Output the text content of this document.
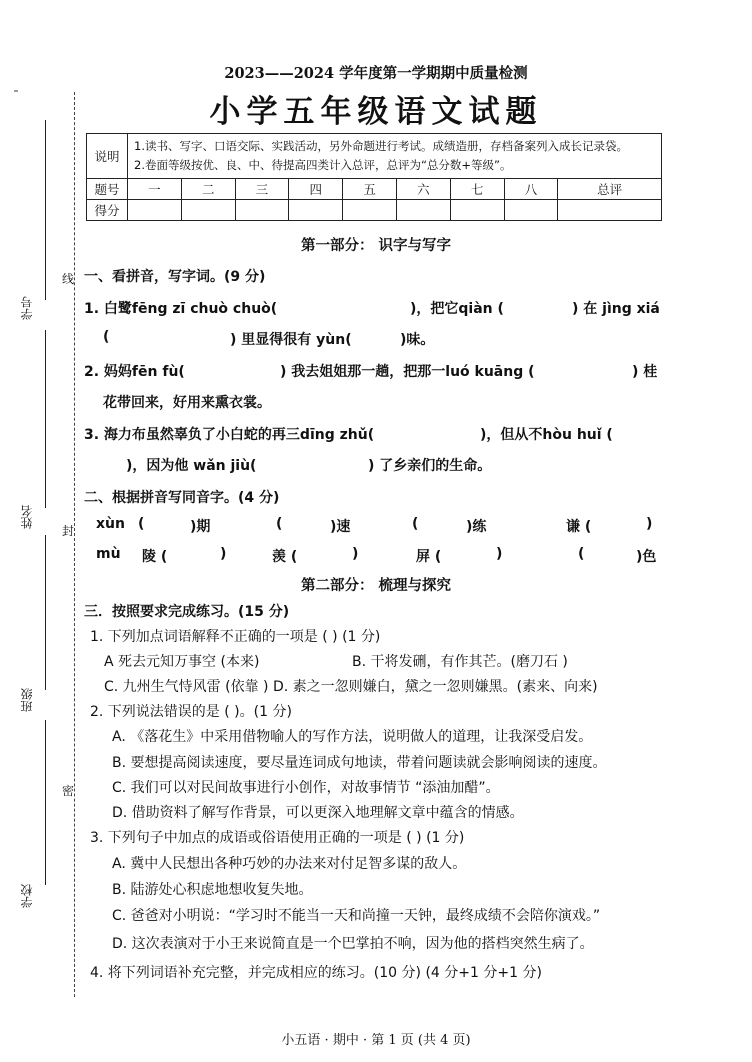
学号
姓名
班级
学校
线
封
密
2023——2024 学年度第一学期期中质量检测
小学五年级语文试题
说明	1.读书、写字、口语交际、实践活动，另外命题进行考试。成绩造册，存档备案列入成长记录袋。
2.卷面等级按优、良、中、待提高四类计入总评，总评为“总分数+等级”。								

题号	一	二	三	四	五	六	七	八	总评
得分									
第一部分： 识字与写字
一、看拼音，写字词。(9 分)
1. 白鹭fēng zī chuò chuò(	)，把它qiàn (	) 在 jìng xiá
(	) 里显得很有 yùn(	)味。
2. 妈妈fēn fù(	) 我去姐姐那一趟，把那一luó kuāng (	) 桂
花带回来，好用来熏衣裳。
3. 海力布虽然辜负了小白蛇的再三dīng zhǔ(	)，但从不hòu huǐ (
)，因为他 wǎn jiù(	) 了乡亲们的生命。
二、根据拼音写同音字。(4 分)
xùn (	)期	(	)速	(	)练	谦 (	)
mù 陵 (	)	羡 (	)	屏 (	)	(	)色
第二部分： 梳理与探究
三．按照要求完成练习。(15 分)
1. 下列加点词语解释不正确的一项是 ( ) (1 分)
A 死去元知万事空 (本来)	B. 干将发硎，有作其芒。(磨刀石 )
C. 九州生气恃风雷 (依靠 ) D. 素之一忽则嫌白，黛之一忽则嫌黑。(素来、向来)
2. 下列说法错误的是 ( )。(1 分)
A. 《落花生》中采用借物喻人的写作方法，说明做人的道理，让我深受启发。
B. 要想提高阅读速度，要尽量连词成句地读，带着问题读就会影响阅读的速度。
C. 我们可以对民间故事进行小创作，对故事情节 “添油加醋”。
D. 借助资料了解写作背景，可以更深入地理解文章中蕴含的情感。
3. 下列句子中加点的成语或俗语使用正确的一项是 ( ) (1 分)
A. 冀中人民想出各种巧妙的办法来对付足智多谋的敌人。
B. 陆游处心积虑地想收复失地。
C. 爸爸对小明说：“学习时不能当一天和尚撞一天钟，最终成绩不会陪你演戏。”
D. 这次表演对于小王来说简直是一个巴掌拍不响，因为他的搭档突然生病了。
4. 将下列词语补充完整，并完成相应的练习。(10 分) (4 分+1 分+1 分)
小五语 · 期中 · 第 1 页 (共 4 页)
